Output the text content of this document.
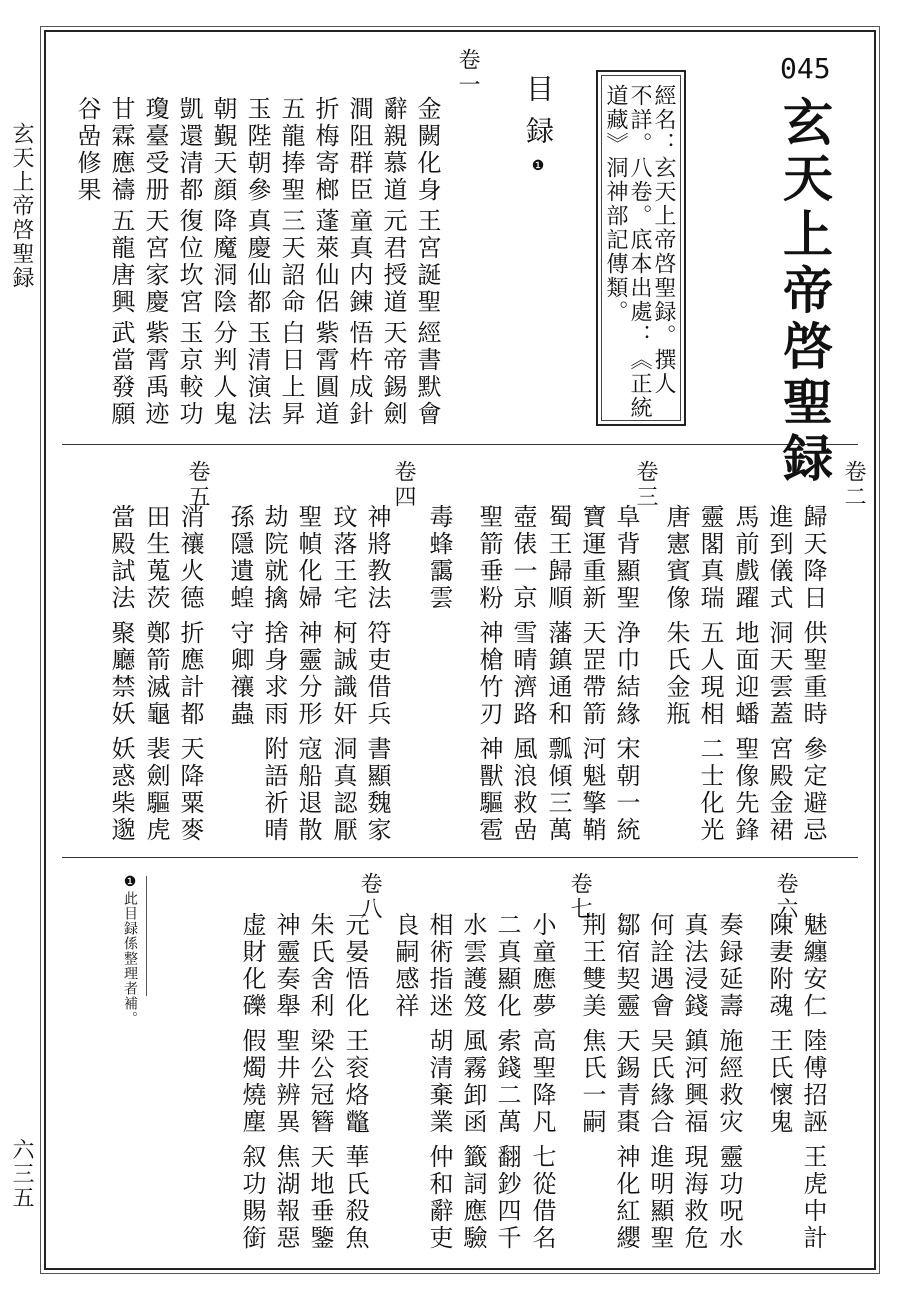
玄天上帝啓聖録
六三五
045
玄天上帝啓聖録
經名：玄天上帝啓聖録。撰人
不詳。八卷。底本出處：《正統
道藏》洞神部記傳類。
目録❶
卷一
卷二
卷三
卷四
卷五
卷六
卷七
卷八
金闕化身
王宮誕聖
經書默會
辭親慕道
元君授道
天帝錫劍
澗阻群臣
童真内錬
悟杵成針
折梅寄榔
蓬萊仙侶
紫霄圓道
五龍捧聖
三天詔命
白日上昇
玉陛朝參
真慶仙都
玉清演法
朝覲天顔
降魔洞陰
分判人鬼
凱還清都
復位坎宮
玉京較功
瓊臺受册
天宮家慶
紫霄禹迹
甘霖應禱
五龍唐興
武當發願
谷嵒修果
歸天降日
供聖重時
參定避忌
進到儀式
洞天雲蓋
宮殿金裙
馬前戲躍
地面迎蟠
聖像先鋒
靈閣真瑞
五人現相
二士化光
唐憲賓像
朱氏金瓶
阜背顯聖
浄巾結緣
宋朝一統
寶運重新
天罡帶箭
河魁擎鞘
蜀王歸順
藩鎮通和
瓢傾三萬
壺俵一京
雪晴濟路
風浪救嵒
聖箭垂粉
神槍竹刃
神獸驅雹
毒蜂靄雲
神將教法
符吏借兵
書顯魏家
玟落王宅
柯誠識奸
洞真認厭
聖幀化婦
神靈分形
寇船退散
劫院就擒
捨身求雨
附語祈晴
孫隱遺蝗
守卿禳蟲
消禳火德
折應計都
天降粟麥
田生蒐茨
鄭箭滅龜
裴劍驅虎
當殿試法
聚廳禁妖
妖惑柴邈
魅纏安仁
陸傅招誣
王虎中計
陳妻附魂
王氏懷鬼
奏録延壽
施經救灾
靈功呪水
真法浸錢
鎮河興福
現海救危
何詮遇會
吴氏緣合
進明顯聖
鄒宿契靈
天錫青棗
神化紅纓
荆王雙美
焦氏一嗣
小童應夢
高聖降凡
七從借名
二真顯化
索錢二萬
翻鈔四千
水雲護笈
風霧卸函
籤詞應驗
相術指迷
胡清棄業
仲和辭吏
良嗣感祥
元晏悟化
王衮烙鼈
華氏殺魚
朱氏舍利
梁公冠簪
天地垂鑒
神靈奏舉
聖井辨異
焦湖報惡
虚財化礫
假燭燒塵
叙功賜銜
❶此目録係整理者補。
